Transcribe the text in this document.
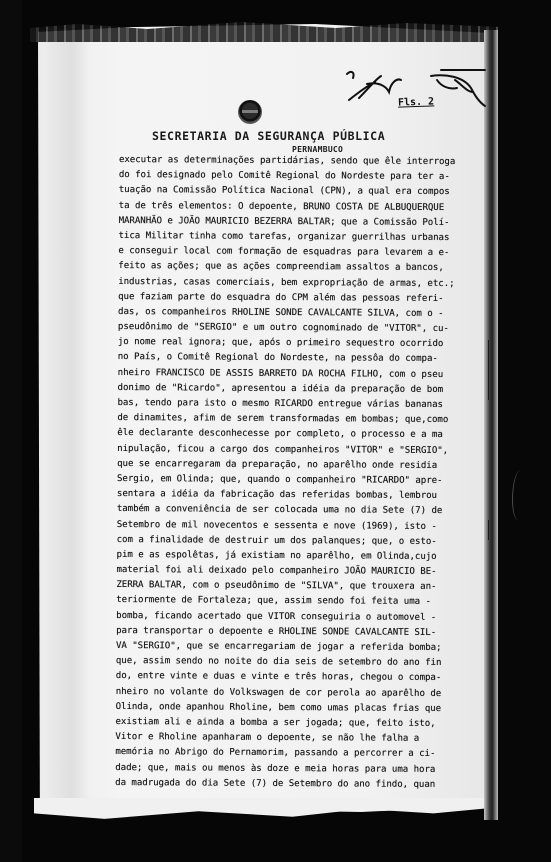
SECRETARIA DA SEGURANÇA PÚBLICA
PERNAMBUCO
Fls. 2
executar as determinações partidárias, sendo que êle interroga
do foi designado pelo Comitê Regional do Nordeste para ter a-
tuação na Comissão Política Nacional (CPN), a qual era compos
ta de três elementos: O depoente, BRUNO COSTA DE ALBUQUERQUE
MARANHÃO e JOÃO MAURICIO BEZERRA BALTAR; que a Comissão Polí-
tica Militar tinha como tarefas, organizar guerrilhas urbanas
e conseguir local com formação de esquadras para levarem a e-
feito as ações; que as ações compreendiam assaltos a bancos,
industrias, casas comerciais, bem expropriação de armas, etc.;
que faziam parte do esquadra do CPM além das pessoas referi-
das, os companheiros RHOLINE SONDE CAVALCANTE SILVA, com o -
pseudônimo de "SERGIO" e um outro cognominado de "VITOR", cu-
jo nome real ignora; que, após o primeiro sequestro ocorrido
no País, o Comitê Regional do Nordeste, na pessôa do compa-
nheiro FRANCISCO DE ASSIS BARRETO DA ROCHA FILHO, com o pseu
donimo de "Ricardo", apresentou a idéia da preparação de bom
bas, tendo para isto o mesmo RICARDO entregue várias bananas
de dinamites, afim de serem transformadas em bombas; que,como
êle declarante desconhecesse por completo, o processo e a ma
nipulação, ficou a cargo dos companheiros "VITOR" e "SERGIO",
que se encarregaram da preparação, no aparêlho onde residia
Sergio, em Olinda; que, quando o companheiro "RICARDO" apre-
sentara a idéia da fabricação das referidas bombas, lembrou
também a conveniência de ser colocada uma no dia Sete (7) de
Setembro de mil novecentos e sessenta e nove (1969), isto -
com a finalidade de destruir um dos palanques; que, o esto-
pim e as espolêtas, já existiam no aparêlho, em Olinda,cujo
material foi ali deixado pelo companheiro JOÃO MAURICIO BE-
ZERRA BALTAR, com o pseudônimo de "SILVA", que trouxera an-
teriormente de Fortaleza; que, assim sendo foi feita uma -
bomba, ficando acertado que VITOR conseguiria o automovel -
para transportar o depoente e RHOLINE SONDE CAVALCANTE SIL-
VA "SERGIO", que se encarregariam de jogar a referida bomba;
que, assim sendo no noite do dia seis de setembro do ano fin
do, entre vinte e duas e vinte e três horas, chegou o compa-
nheiro no volante do Volkswagen de cor perola ao aparêlho de
Olinda, onde apanhou Rholine, bem como umas placas frias que
existiam ali e ainda a bomba a ser jogada; que, feito isto,
Vitor e Rholine apanharam o depoente, se não lhe falha a
memória no Abrigo do Pernamorim, passando a percorrer a ci-
dade; que, mais ou menos às doze e meia horas para uma hora
da madrugada do dia Sete (7) de Setembro do ano findo, quan
